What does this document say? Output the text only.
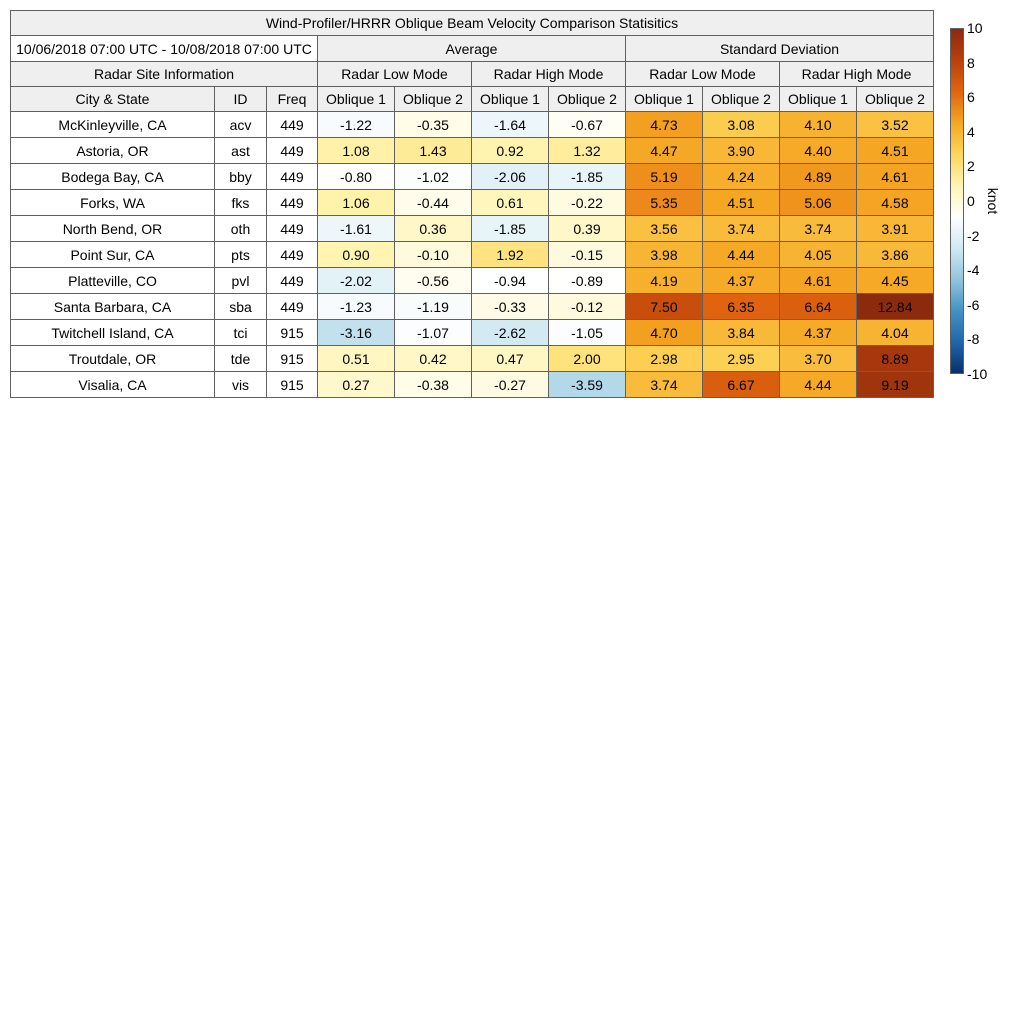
Wind-Profiler/HRRR Oblique Beam Velocity Comparison Statisitics										
10/06/2018 07:00 UTC - 10/08/2018 07:00 UTC			Average				Standard Deviation			
Radar Site Information			Radar Low Mode		Radar High Mode		Radar Low Mode		Radar High Mode	
City & State	ID	Freq	Oblique 1	Oblique 2	Oblique 1	Oblique 2	Oblique 1	Oblique 2	Oblique 1	Oblique 2
McKinleyville, CA	acv	449	-1.22	-0.35	-1.64	-0.67	4.73	3.08	4.10	3.52
Astoria, OR	ast	449	1.08	1.43	0.92	1.32	4.47	3.90	4.40	4.51
Bodega Bay, CA	bby	449	-0.80	-1.02	-2.06	-1.85	5.19	4.24	4.89	4.61
Forks, WA	fks	449	1.06	-0.44	0.61	-0.22	5.35	4.51	5.06	4.58
North Bend, OR	oth	449	-1.61	0.36	-1.85	0.39	3.56	3.74	3.74	3.91
Point Sur, CA	pts	449	0.90	-0.10	1.92	-0.15	3.98	4.44	4.05	3.86
Platteville, CO	pvl	449	-2.02	-0.56	-0.94	-0.89	4.19	4.37	4.61	4.45
Santa Barbara, CA	sba	449	-1.23	-1.19	-0.33	-0.12	7.50	6.35	6.64	12.84
Twitchell Island, CA	tci	915	-3.16	-1.07	-2.62	-1.05	4.70	3.84	4.37	4.04
Troutdale, OR	tde	915	0.51	0.42	0.47	2.00	2.98	2.95	3.70	8.89
Visalia, CA	vis	915	0.27	-0.38	-0.27	-3.59	3.74	6.67	4.44	9.19
10
8
6
4
2
0
-2
-4
-6
-8
-10
knot
